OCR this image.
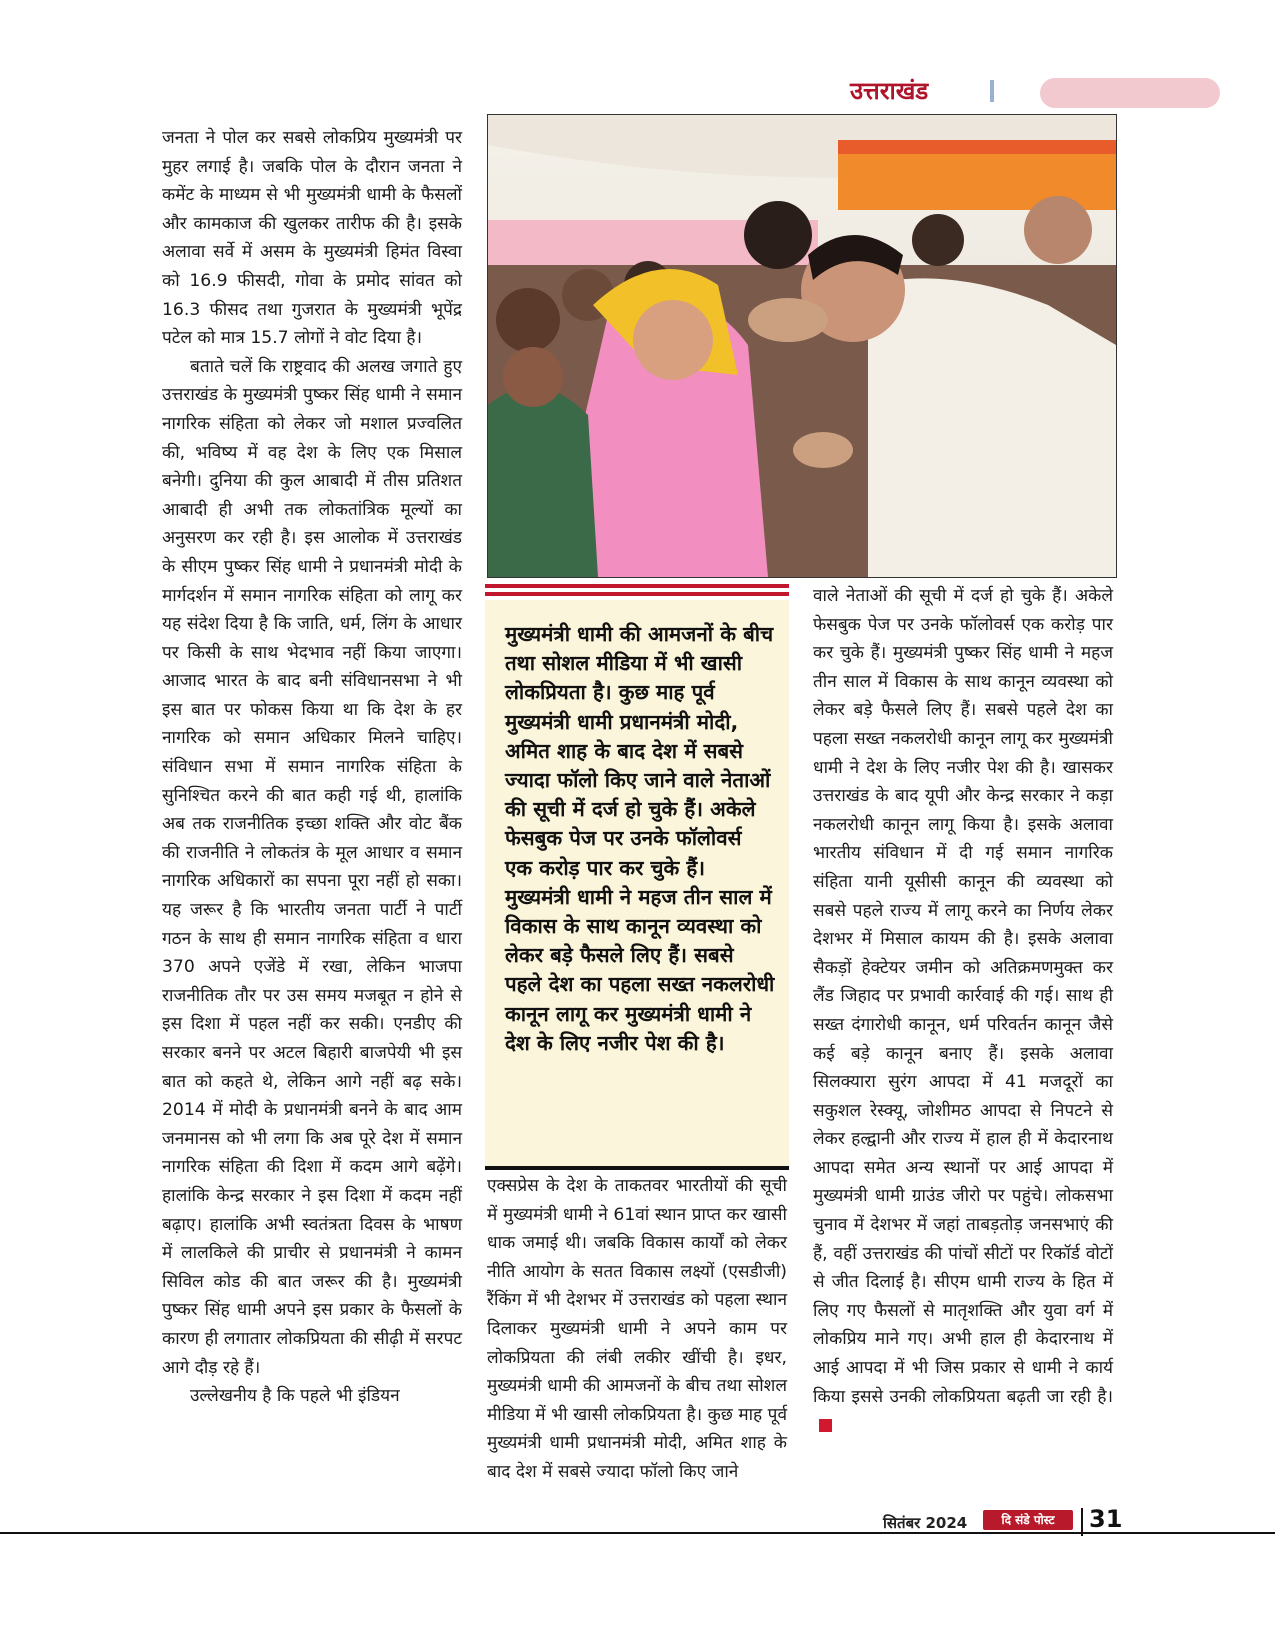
उत्तराखंड

जनता ने पोल कर सबसे लोकप्रिय मुख्यमंत्री पर मुहर लगाई है। जबकि पोल के दौरान जनता ने कमेंट के माध्यम से भी मुख्यमंत्री धामी के फैसलों और कामकाज की खुलकर तारीफ की है। इसके अलावा सर्वे में असम के मुख्यमंत्री हिमंत विस्वा को 16.9 फीसदी, गोवा के प्रमोद सांवत को 16.3 फीसद तथा गुजरात के मुख्यमंत्री भूपेंद्र पटेल को मात्र 15.7 लोगों ने वोट दिया है।

बताते चलें कि राष्ट्रवाद की अलख जगाते हुए उत्तराखंड के मुख्यमंत्री पुष्कर सिंह धामी ने समान नागरिक संहिता को लेकर जो मशाल प्रज्वलित की, भविष्य में वह देश के लिए एक मिसाल बनेगी। दुनिया की कुल आबादी में तीस प्रतिशत आबादी ही अभी तक लोकतांत्रिक मूल्यों का अनुसरण कर रही है। इस आलोक में उत्तराखंड के सीएम पुष्कर सिंह धामी ने प्रधानमंत्री मोदी के मार्गदर्शन में समान नागरिक संहिता को लागू कर यह संदेश दिया है कि जाति, धर्म, लिंग के आधार पर किसी के साथ भेदभाव नहीं किया जाएगा। आजाद भारत के बाद बनी संविधानसभा ने भी इस बात पर फोकस किया था कि देश के हर नागरिक को समान अधिकार मिलने चाहिए। संविधान सभा में समान नागरिक संहिता के सुनिश्चित करने की बात कही गई थी, हालांकि अब तक राजनीतिक इच्छा शक्ति और वोट बैंक की राजनीति ने लोकतंत्र के मूल आधार व समान नागरिक अधिकारों का सपना पूरा नहीं हो सका। यह जरूर है कि भारतीय जनता पार्टी ने पार्टी गठन के साथ ही समान नागरिक संहिता व धारा 370 अपने एजेंडे में रखा, लेकिन भाजपा राजनीतिक तौर पर उस समय मजबूत न होने से इस दिशा में पहल नहीं कर सकी। एनडीए की सरकार बनने पर अटल बिहारी बाजपेयी भी इस बात को कहते थे, लेकिन आगे नहीं बढ़ सके। 2014 में मोदी के प्रधानमंत्री बनने के बाद आम जनमानस को भी लगा कि अब पूरे देश में समान नागरिक संहिता की दिशा में कदम आगे बढ़ेंगे। हालांकि केन्द्र सरकार ने इस दिशा में कदम नहीं बढ़ाए। हालांकि अभी स्वतंत्रता दिवस के भाषण में लालकिले की प्राचीर से प्रधानमंत्री ने कामन सिविल कोड की बात जरूर की है। मुख्यमंत्री पुष्कर सिंह धामी अपने इस प्रकार के फैसलों के कारण ही लगातार लोकप्रियता की सीढ़ी में सरपट आगे दौड़ रहे हैं।

उल्लेखनीय है कि पहले भी इंडियन

मुख्यमंत्री धामी की आमजनों के बीच तथा सोशल मीडिया में भी खासी लोकप्रियता है। कुछ माह पूर्व मुख्यमंत्री धामी प्रधानमंत्री मोदी, अमित शाह के बाद देश में सबसे ज्यादा फॉलो किए जाने वाले नेताओं की सूची में दर्ज हो चुके हैं। अकेले फेसबुक पेज पर उनके फॉलोवर्स एक करोड़ पार कर चुके हैं। मुख्यमंत्री धामी ने महज तीन साल में विकास के साथ कानून व्यवस्था को लेकर बड़े फैसले लिए हैं। सबसे पहले देश का पहला सख्त नकलरोधी कानून लागू कर मुख्यमंत्री धामी ने देश के लिए नजीर पेश की है।

एक्सप्रेस के देश के ताकतवर भारतीयों की सूची में मुख्यमंत्री धामी ने 61वां स्थान प्राप्त कर खासी धाक जमाई थी। जबकि विकास कार्यों को लेकर नीति आयोग के सतत विकास लक्ष्यों (एसडीजी) रैंकिंग में भी देशभर में उत्तराखंड को पहला स्थान दिलाकर मुख्यमंत्री धामी ने अपने काम पर लोकप्रियता की लंबी लकीर खींची है। इधर, मुख्यमंत्री धामी की आमजनों के बीच तथा सोशल मीडिया में भी खासी लोकप्रियता है। कुछ माह पूर्व मुख्यमंत्री धामी प्रधानमंत्री मोदी, अमित शाह के बाद देश में सबसे ज्यादा फॉलो किए जाने

वाले नेताओं की सूची में दर्ज हो चुके हैं। अकेले फेसबुक पेज पर उनके फॉलोवर्स एक करोड़ पार कर चुके हैं। मुख्यमंत्री पुष्कर सिंह धामी ने महज तीन साल में विकास के साथ कानून व्यवस्था को लेकर बड़े फैसले लिए हैं। सबसे पहले देश का पहला सख्त नकलरोधी कानून लागू कर मुख्यमंत्री धामी ने देश के लिए नजीर पेश की है। खासकर उत्तराखंड के बाद यूपी और केन्द्र सरकार ने कड़ा नकलरोधी कानून लागू किया है। इसके अलावा भारतीय संविधान में दी गई समान नागरिक संहिता यानी यूसीसी कानून की व्यवस्था को सबसे पहले राज्य में लागू करने का निर्णय लेकर देशभर में मिसाल कायम की है। इसके अलावा सैकड़ों हेक्टेयर जमीन को अतिक्रमणमुक्त कर लैंड जिहाद पर प्रभावी कार्रवाई की गई। साथ ही सख्त दंगारोधी कानून, धर्म परिवर्तन कानून जैसे कई बड़े कानून बनाए हैं। इसके अलावा सिलक्यारा सुरंग आपदा में 41 मजदूरों का सकुशल रेस्क्यू, जोशीमठ आपदा से निपटने से लेकर हल्द्वानी और राज्य में हाल ही में केदारनाथ आपदा समेत अन्य स्थानों पर आई आपदा में मुख्यमंत्री धामी ग्राउंड जीरो पर पहुंचे। लोकसभा चुनाव में देशभर में जहां ताबड़तोड़ जनसभाएं की हैं, वहीं उत्तराखंड की पांचों सीटों पर रिकॉर्ड वोटों से जीत दिलाई है। सीएम धामी राज्य के हित में लिए गए फैसलों से मातृशक्ति और युवा वर्ग में लोकप्रिय माने गए। अभी हाल ही केदारनाथ में आई आपदा में भी जिस प्रकार से धामी ने कार्य किया इससे उनकी लोकप्रियता बढ़ती जा रही है।

सितंबर 2024	दि संडे पोस्ट	31
